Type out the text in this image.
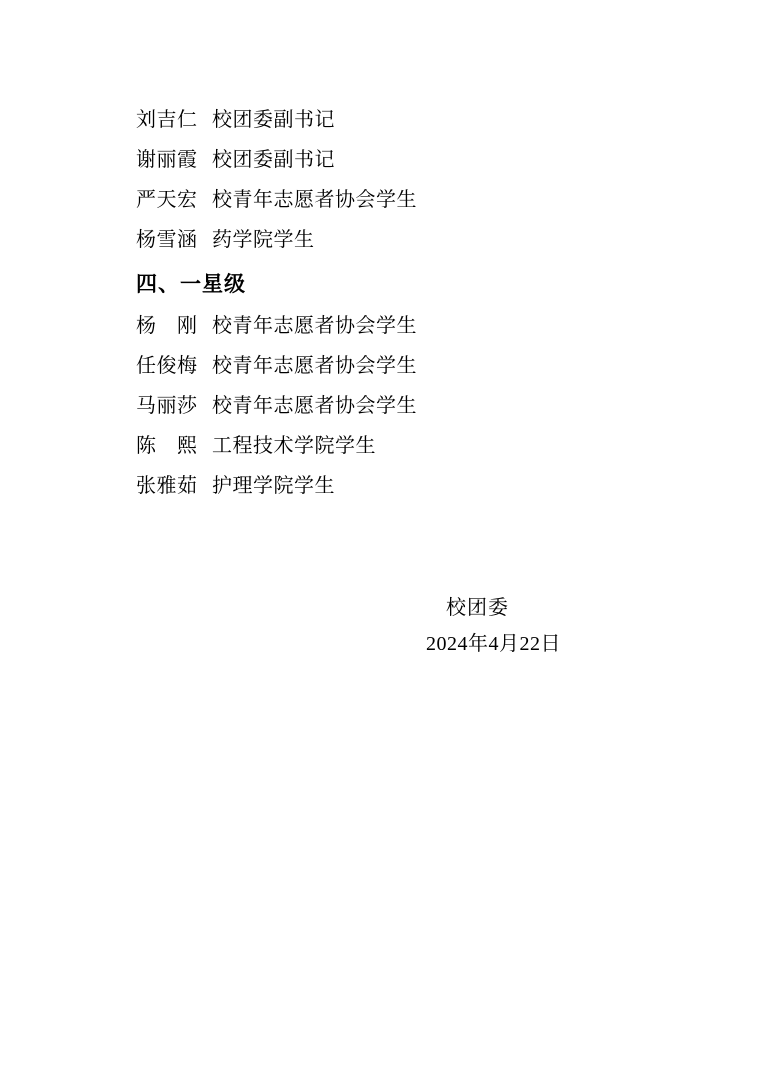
刘吉仁 校团委副书记
谢丽霞 校团委副书记
严天宏 校青年志愿者协会学生
杨雪涵 药学院学生
四、一星级
杨　刚 校青年志愿者协会学生
任俊梅 校青年志愿者协会学生
马丽莎 校青年志愿者协会学生
陈　熙 工程技术学院学生
张雅茹 护理学院学生
校团委
2024年4月22日
